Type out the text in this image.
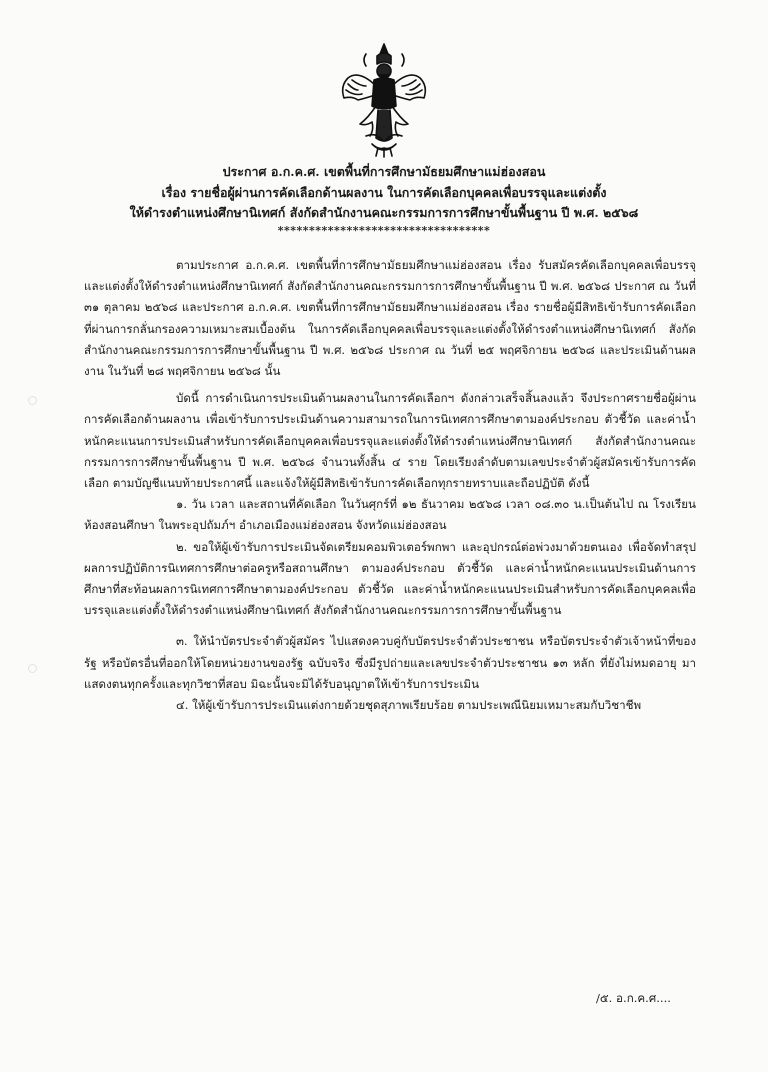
ประกาศ อ.ก.ค.ศ. เขตพื้นที่การศึกษามัธยมศึกษาแม่ฮ่องสอน
เรื่อง รายชื่อผู้ผ่านการคัดเลือกด้านผลงาน ในการคัดเลือกบุคคลเพื่อบรรจุและแต่งตั้ง
ให้ดำรงตำแหน่งศึกษานิเทศก์ สังกัดสำนักงานคณะกรรมการการศึกษาขั้นพื้นฐาน ปี พ.ศ. ๒๕๖๘
**********************************

ตามประกาศ อ.ก.ค.ศ. เขตพื้นที่การศึกษามัธยมศึกษาแม่ฮ่องสอน เรื่อง รับสมัครคัดเลือกบุคคลเพื่อบรรจุและแต่งตั้งให้ดำรงตำแหน่งศึกษานิเทศก์ สังกัดสำนักงานคณะกรรมการการศึกษาขั้นพื้นฐาน ปี พ.ศ. ๒๕๖๘ ประกาศ ณ วันที่ ๓๑ ตุลาคม ๒๕๖๘ และประกาศ อ.ก.ค.ศ. เขตพื้นที่การศึกษามัธยมศึกษาแม่ฮ่องสอน เรื่อง รายชื่อผู้มีสิทธิเข้ารับการคัดเลือกที่ผ่านการกลั่นกรองความเหมาะสมเบื้องต้น ในการคัดเลือกบุคคลเพื่อบรรจุและแต่งตั้งให้ดำรงตำแหน่งศึกษานิเทศก์ สังกัดสำนักงานคณะกรรมการการศึกษาขั้นพื้นฐาน ปี พ.ศ. ๒๕๖๘ ประกาศ ณ วันที่ ๒๕ พฤศจิกายน ๒๕๖๘ และประเมินด้านผลงาน ในวันที่ ๒๘ พฤศจิกายน ๒๕๖๘ นั้น

บัดนี้ การดำเนินการประเมินด้านผลงานในการคัดเลือกฯ ดังกล่าวเสร็จสิ้นลงแล้ว จึงประกาศรายชื่อผู้ผ่านการคัดเลือกด้านผลงาน เพื่อเข้ารับการประเมินด้านความสามารถในการนิเทศการศึกษาตามองค์ประกอบ ตัวชี้วัด และค่าน้ำหนักคะแนนการประเมินสำหรับการคัดเลือกบุคคลเพื่อบรรจุและแต่งตั้งให้ดำรงตำแหน่งศึกษานิเทศก์ สังกัดสำนักงานคณะกรรมการการศึกษาขั้นพื้นฐาน ปี พ.ศ. ๒๕๖๘ จำนวนทั้งสิ้น ๔ ราย โดยเรียงลำดับตามเลขประจำตัวผู้สมัครเข้ารับการคัดเลือก ตามบัญชีแนบท้ายประกาศนี้ และแจ้งให้ผู้มีสิทธิเข้ารับการคัดเลือกทุกรายทราบและถือปฏิบัติ ดังนี้

๑. วัน เวลา และสถานที่คัดเลือก ในวันศุกร์ที่ ๑๒ ธันวาคม ๒๕๖๘ เวลา ๐๘.๓๐ น.เป็นต้นไป ณ โรงเรียนห้องสอนศึกษา ในพระอุปถัมภ์ฯ อำเภอเมืองแม่ฮ่องสอน จังหวัดแม่ฮ่องสอน

๒. ขอให้ผู้เข้ารับการประเมินจัดเตรียมคอมพิวเตอร์พกพา และอุปกรณ์ต่อพ่วงมาด้วยตนเอง เพื่อจัดทำสรุปผลการปฏิบัติการนิเทศการศึกษาต่อครูหรือสถานศึกษา ตามองค์ประกอบ ตัวชี้วัด และค่าน้ำหนักคะแนนประเมินด้านการศึกษาที่สะท้อนผลการนิเทศการศึกษาตามองค์ประกอบ ตัวชี้วัด และค่าน้ำหนักคะแนนประเมินสำหรับการคัดเลือกบุคคลเพื่อบรรจุและแต่งตั้งให้ดำรงตำแหน่งศึกษานิเทศก์ สังกัดสำนักงานคณะกรรมการการศึกษาขั้นพื้นฐาน

๓. ให้นำบัตรประจำตัวผู้สมัคร ไปแสดงควบคู่กับบัตรประจำตัวประชาชน หรือบัตรประจำตัวเจ้าหน้าที่ของรัฐ หรือบัตรอื่นที่ออกให้โดยหน่วยงานของรัฐ ฉบับจริง ซึ่งมีรูปถ่ายและเลขประจำตัวประชาชน ๑๓ หลัก ที่ยังไม่หมดอายุ มาแสดงตนทุกครั้งและทุกวิชาที่สอบ มิฉะนั้นจะมิได้รับอนุญาตให้เข้ารับการประเมิน

๔. ให้ผู้เข้ารับการประเมินแต่งกายด้วยชุดสุภาพเรียบร้อย ตามประเพณีนิยมเหมาะสมกับวิชาชีพ

/๕. อ.ก.ค.ศ....
